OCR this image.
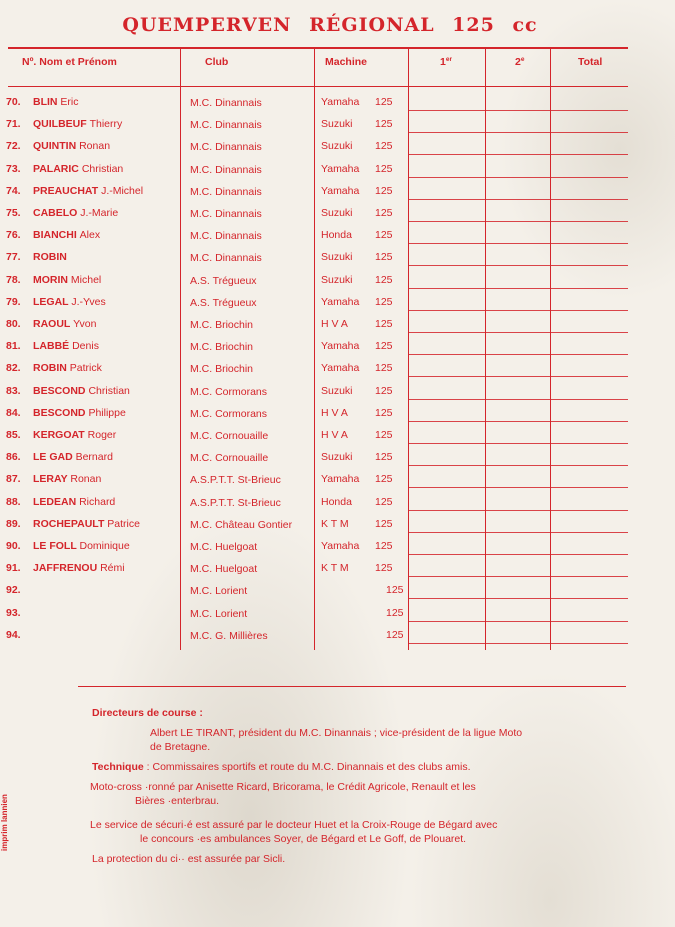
QUEMPERVEN RÉGIONAL 125 cc
Nº. Nom et Prénom	Club	Machine	1er	2e	Total
70. BLIN Eric	M.C. Dinannais	Yamaha 125
71. QUILBEUF Thierry	M.C. Dinannais	Suzuki 125
72. QUINTIN Ronan	M.C. Dinannais	Suzuki 125
73. PALARIC Christian	M.C. Dinannais	Yamaha 125
74. PREAUCHAT J.-Michel	M.C. Dinannais	Yamaha 125
75. CABELO J.-Marie	M.C. Dinannais	Suzuki 125
76. BIANCHI Alex	M.C. Dinannais	Honda 125
77. ROBIN	M.C. Dinannais	Suzuki 125
78. MORIN Michel	A.S. Trégueux	Suzuki 125
79. LEGAL J.-Yves	A.S. Trégueux	Yamaha 125
80. RAOUL Yvon	M.C. Briochin	H V A	125
81. LABBÉ Denis	M.C. Briochin	Yamaha 125
82. ROBIN Patrick	M.C. Briochin	Yamaha 125
83. BESCOND Christian	M.C. Cormorans	Suzuki 125
84. BESCOND Philippe	M.C. Cormorans	H V A	125
85. KERGOAT Roger	M.C. Cornouaille	H V A	125
86. LE GAD Bernard	M.C. Cornouaille	Suzuki 125
87. LERAY Ronan	A.S.P.T.T. St-Brieuc	Yamaha 125
88. LEDEAN Richard	A.S.P.T.T. St-Brieuc	Honda 125
89. ROCHEPAULT Patrice	M.C. Château Gontier	K T M	125
90. LE FOLL Dominique	M.C. Huelgoat	Yamaha 125
91. JAFFRENOU Rémi	M.C. Huelgoat	K T M	125
92.	M.C. Lorient	125
93.	M.C. Lorient	125
94.	M.C. G. Millières	125
Directeurs de course :
Albert LE TIRANT, président du M.C. Dinannais ; vice-président de la ligue Moto
de Bretagne.
Technique : Commissaires sportifs et route du M.C. Dinannais et des clubs amis.
Moto-cross ·ronné par Anisette Ricard, Bricorama, le Crédit Agricole, Renault et les
Bières ·enterbrau.
Le service de sécuri·é est assuré par le docteur Huet et la Croix-Rouge de Bégard avec
le concours ·es ambulances Soyer, de Bégard et Le Goff, de Plouaret.
La protection du ci·· est assurée par Sicli.
imprim lannien
